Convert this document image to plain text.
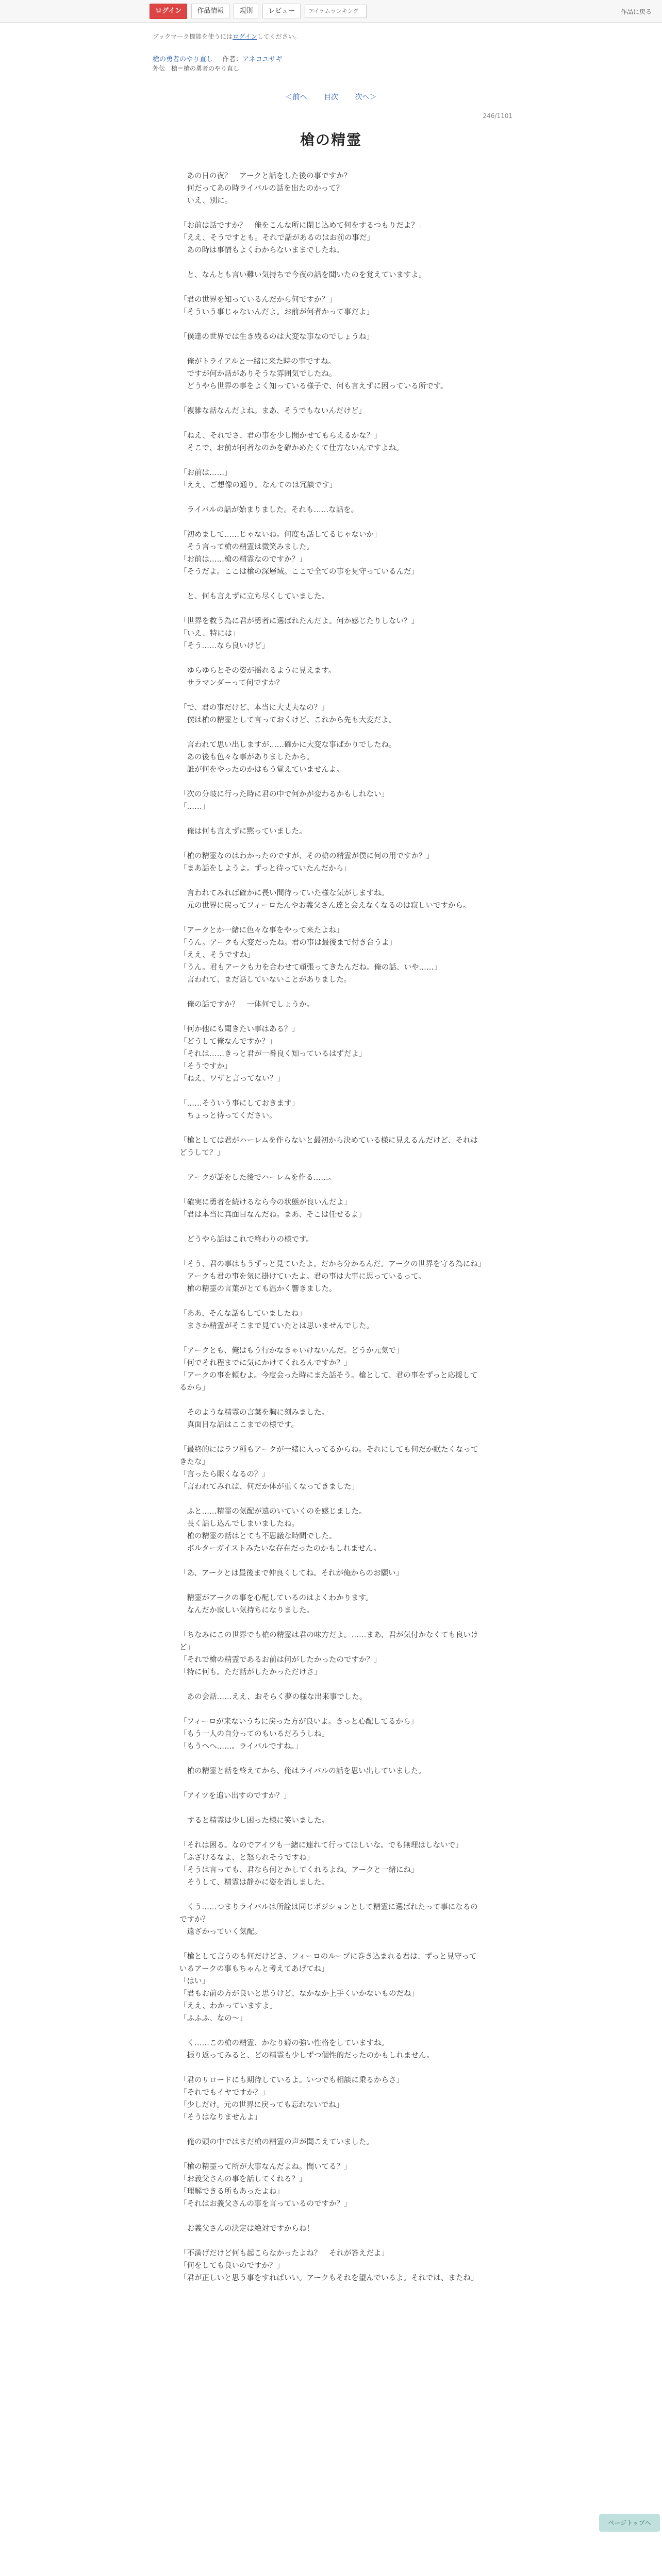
ログイン	作品情報	規則	レビュー
アイテムランキング	作品に戻る
ブックマーク機能を使うにはログインしてください。
槍の勇者のやり直し 作者：アネコユサギ
外伝　槍＝槍の勇者のやり直し
＜前へ 目次 次へ＞
246/1101
槍の精霊

　あの日の夜？　アークと話をした後の事ですか？

　何だってあの時ライバルの話を出たのかって？

　いえ、別に。

「お前は話ですか？　俺をこんな所に閉じ込めて何をするつもりだよ？」

「ええ、そうですとも。それで話があるのはお前の事だ」

　あの時は事情もよくわからないままでしたね。

　と、なんとも言い難い気持ちで今夜の話を聞いたのを覚えていますよ。

「君の世界を知っているんだから何ですか？」

「そういう事じゃないんだよ。お前が何者かって事だよ」

「僕達の世界では生き残るのは大変な事なのでしょうね」

　俺がトライアルと一緒に来た時の事ですね。

　ですが何か話がありそうな雰囲気でしたね。

　どうやら世界の事をよく知っている様子で、何も言えずに困っている所です。

「複雑な話なんだよね。まあ、そうでもないんだけど」

「ねえ、それでさ、君の事を少し聞かせてもらえるかな？」

　そこで、お前が何者なのかを確かめたくて仕方ないんですよね。

「お前は……」

「ええ、ご想像の通り。なんてのは冗談です」

　ライバルの話が始まりました。それも……な話を。

「初めまして……じゃないね。何度も話してるじゃないか」

　そう言って槍の精霊は微笑みました。

「お前は……槍の精霊なのですか？」

「そうだよ。ここは槍の深層域。ここで全ての事を見守っているんだ」

　と、何も言えずに立ち尽くしていました。

「世界を救う為に君が勇者に選ばれたんだよ。何か感じたりしない？」

「いえ、特には」

「そう……なら良いけど」

　ゆらゆらとその姿が揺れるように見えます。

　サラマンダーって何ですか？

「で、君の事だけど、本当に大丈夫なの？」

　僕は槍の精霊として言っておくけど、これから先も大変だよ。

　言われて思い出しますが……確かに大変な事ばかりでしたね。

　あの後も色々な事がありましたから。

　誰が何をやったのかはもう覚えていませんよ。

「次の分岐に行った時に君の中で何かが変わるかもしれない」

「……」

　俺は何も言えずに黙っていました。

「槍の精霊なのはわかったのですが、その槍の精霊が僕に何の用ですか？」

「まあ話をしようよ。ずっと待っていたんだから」

　言われてみれば確かに長い間待っていた様な気がしますね。

　元の世界に戻ってフィーロたんやお義父さん達と会えなくなるのは寂しいですから。

「アークとか一緒に色々な事をやって来たよね」

「うん。アークも大変だったね。君の事は最後まで付き合うよ」

「ええ、そうですね」

「うん。君もアークも力を合わせて頑張ってきたんだね。俺の話、いや……」

　言われて、まだ話していないことがありました。

　俺の話ですか？　一体何でしょうか。

「何か他にも聞きたい事はある？」

「どうして俺なんですか？」

「それは……きっと君が一番良く知っているはずだよ」

「そうですか」

「ねえ、ワザと言ってない？」

「……そういう事にしておきます」

　ちょっと待ってください。

「槍としては君がハーレムを作らないと最初から決めている様に見えるんだけど、それはどうして？」

　アークが話をした後でハーレムを作る……。

「確実に勇者を続けるなら今の状態が良いんだよ」

「君は本当に真面目なんだね。まあ、そこは任せるよ」

　どうやら話はこれで終わりの様です。

「そう、君の事はもうずっと見ていたよ。だから分かるんだ。アークの世界を守る為にね」

　アークも君の事を気に掛けていたよ。君の事は大事に思っているって。

　槍の精霊の言葉がとても温かく響きました。

「ああ、そんな話もしていましたね」

　まさか精霊がそこまで見ていたとは思いませんでした。

「アークとも、俺はもう行かなきゃいけないんだ。どうか元気で」

「何でそれ程までに気にかけてくれるんですか？」

「アークの事を頼むよ。今度会った時にまた話そう。槍として、君の事をずっと応援してるから」

　そのような精霊の言葉を胸に刻みました。

　真面目な話はここまでの様です。

「最終的にはラフ種もアークが一緒に入ってるからね。それにしても何だか眠たくなってきたな」

「言ったら眠くなるの？」

「言われてみれば、何だか体が重くなってきました」

　ふと……精霊の気配が遠のいていくのを感じました。

　長く話し込んでしまいましたね。

　槍の精霊の話はとても不思議な時間でした。

　ボルターガイストみたいな存在だったのかもしれません。

「あ、アークとは最後まで仲良くしてね。それが俺からのお願い」

　精霊がアークの事を心配しているのはよくわかります。

　なんだか寂しい気持ちになりました。

「ちなみにこの世界でも槍の精霊は君の味方だよ。……まあ、君が気付かなくても良いけど」

「それで槍の精霊であるお前は何がしたかったのですか？」

「特に何も。ただ話がしたかっただけさ」

　あの会話……ええ、おそらく夢の様な出来事でした。

「フィーロが来ないうちに戻った方が良いよ。きっと心配してるから」

「もう一人の自分ってのもいるだろうしね」

「もうへへ……。ライバルですね。」

　槍の精霊と話を終えてから、俺はライバルの話を思い出していました。

「アイツを追い出すのですか？」

　すると精霊は少し困った様に笑いました。

「それは困る。なのでアイツも一緒に連れて行ってほしいな。でも無理はしないで」

「ふざけるなよ、と怒られそうですね」

「そうは言っても、君なら何とかしてくれるよね。アークと一緒にね」

　そうして、精霊は静かに姿を消しました。

　くう……つまりライバルは所詮は同じポジションとして精霊に選ばれたって事になるのですか？

　遠ざかっていく気配。

「槍として言うのも何だけどさ、フィーロのループに巻き込まれる君は、ずっと見守っているアークの事もちゃんと考えてあげてね」

「はい」

「君もお前の方が良いと思うけど、なかなか上手くいかないものだね」

「ええ、わかっていますよ」

「ふふふ、なの～」

　く……この槍の精霊、かなり癖の強い性格をしていますね。

　振り返ってみると、どの精霊も少しずつ個性的だったのかもしれません。

「君のリロードにも期待しているよ。いつでも相談に乗るからさ」

「それでもイヤですか？」

「少しだけ。元の世界に戻っても忘れないでね」

「そうはなりませんよ」

　俺の頭の中ではまだ槍の精霊の声が聞こえていました。

「槍の精霊って所が大事なんだよね。聞いてる？」

「お義父さんの事を話してくれる？」

「理解できる所もあったよね」

「それはお義父さんの事を言っているのですか？」

　お義父さんの決定は絶対ですからね！

「不満げだけど何も起こらなかったよね？　それが答えだよ」

「何をしても良いのですか？」

「君が正しいと思う事をすればいい。アークもそれを望んでいるよ。それでは、またね」

ページトップへ
